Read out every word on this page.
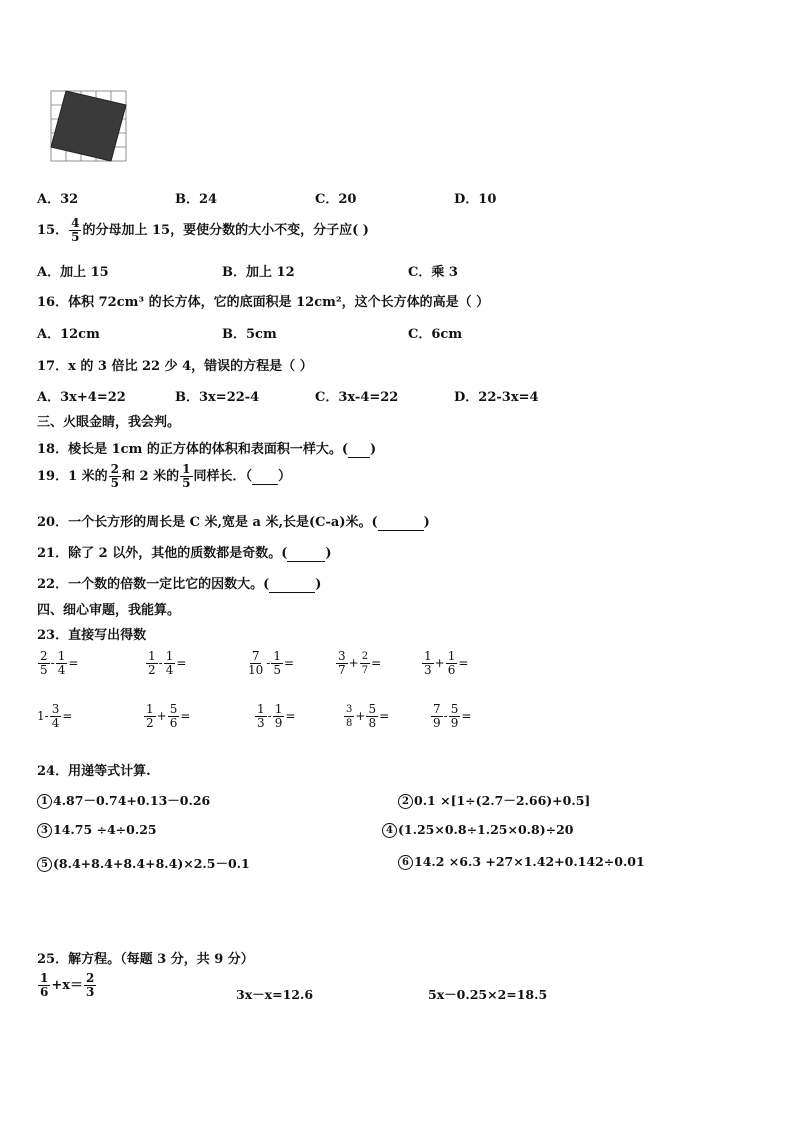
A．32	B．24	C．20	D．10
15． $\frac{4}{5}$ 的分母加上 15，要使分数的大小不变，分子应( )
A．加上 15	B．加上 12	C．乘 3
16．体积 72cm³ 的长方体，它的底面积是 12cm²，这个长方体的高是（ ）
A．12cm	B．5cm	C．6cm
17．x 的 3 倍比 22 少 4，错误的方程是（ ）
A．3x+4=22	B．3x=22-4	C．3x-4=22	D．22-3x=4
三、火眼金睛，我会判。
18．棱长是 1cm 的正方体的体积和表面积一样大。( )
19．1 米的 $\frac{2}{5}$ 和 2 米的 $\frac{1}{5}$ 同样长．（ ）
20．一个长方形的周长是 C 米,宽是 a 米,长是(C-a)米。(	)
21．除了 2 以外，其他的质数都是奇数。(	)
22．一个数的倍数一定比它的因数大。(	)
四、细心审题，我能算。
23．直接写出得数
$\frac{2}{5} - \frac{1}{4}$ =	$\frac{1}{2} - \frac{1}{4}$ =	$\frac{7}{10} - \frac{1}{5}$ =	$\frac{3}{7} + \frac{2}{7}$ =	$\frac{1}{3} + \frac{1}{6}$ =
$1- \frac{3}{4}$ =	$\frac{1}{2} + \frac{5}{6}$ =	$\frac{1}{3} - \frac{1}{9}$ =	$\frac{3}{8} + \frac{5}{8}$ =	$\frac{7}{9} - \frac{5}{9}$ =
24．用递等式计算.
1 4.87－0.74+0.13－0.26	2 0.1 ×[1÷(2.7－2.66)+0.5]
3 14.75 ÷4÷0.25	4 (1.25×0.8÷1.25×0.8)÷20
5 (8.4+8.4+8.4+8.4)×2.5－0.1	6 14.2 ×6.3 +27×1.42+0.142÷0.01
25．解方程。（每题 3 分，共 9 分）
$\frac{1}{6} +x= \frac{2}{3}$	3x－x=12.6	5x－0.25×2=18.5
